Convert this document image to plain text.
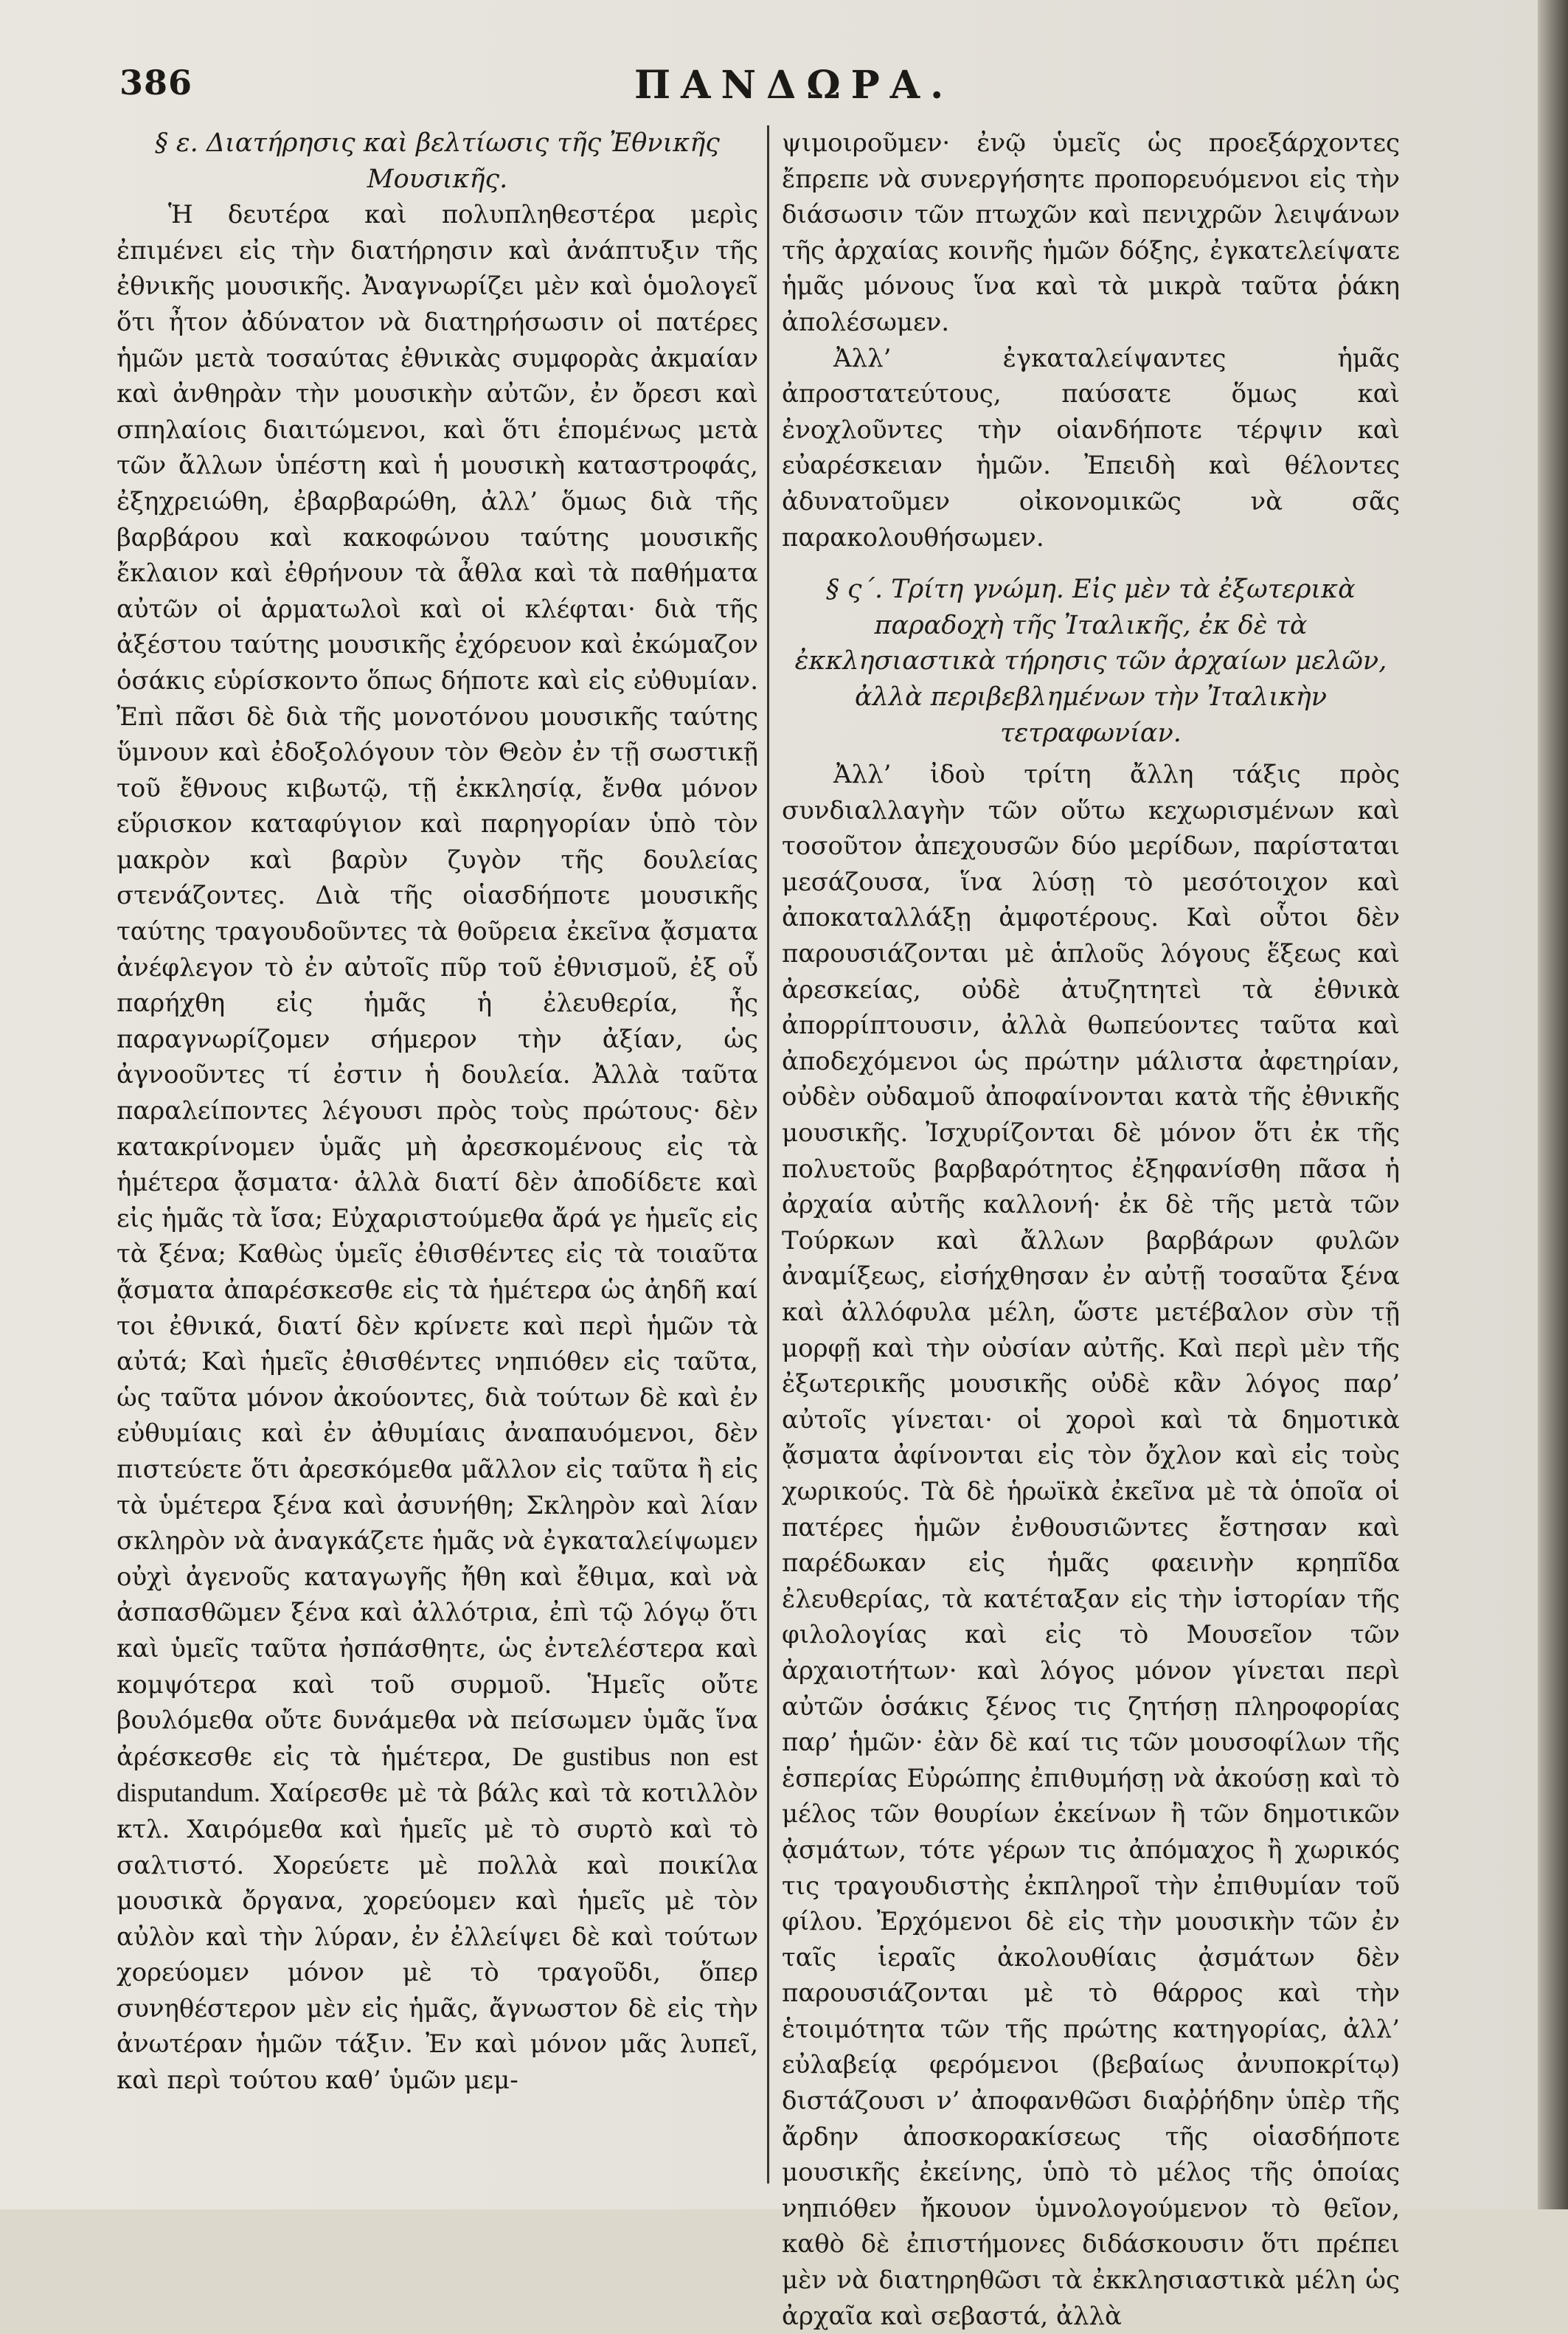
386	ΠΑΝΔΩΡΑ.

§ ε. Διατήρησις καὶ βελτίωσις τῆς Ἐθνικῆς Μουσικῆς.

Ἡ δευτέρα καὶ πολυπληθεστέρα μερὶς ἐπιμένει εἰς τὴν διατήρησιν καὶ ἀνάπτυξιν τῆς ἐθνικῆς μουσικῆς. Ἀναγνωρίζει μὲν καὶ ὁμολογεῖ ὅτι ἦτον ἀδύνατον νὰ διατηρήσωσιν οἱ πατέρες ἡμῶν μετὰ τοσαύτας ἐθνικὰς συμφορὰς ἀκμαίαν καὶ ἀνθηρὰν τὴν μουσικὴν αὐτῶν, ἐν ὄρεσι καὶ σπηλαίοις διαιτώμενοι, καὶ ὅτι ἑπομένως μετὰ τῶν ἄλλων ὑπέστη καὶ ἡ μουσικὴ καταστροφάς, ἐξηχρειώθη, ἐβαρβαρώθη, ἀλλ’ ὅμως διὰ τῆς βαρβάρου καὶ κακοφώνου ταύτης μουσικῆς ἔκλαιον καὶ ἐθρήνουν τὰ ἆθλα καὶ τὰ παθήματα αὐτῶν οἱ ἁρματωλοὶ καὶ οἱ κλέφται· διὰ τῆς ἀξέστου ταύτης μουσικῆς ἐχόρευον καὶ ἐκώμαζον ὁσάκις εὑρίσκοντο ὅπως δήποτε καὶ εἰς εὐθυμίαν. Ἐπὶ πᾶσι δὲ διὰ τῆς μονοτόνου μουσικῆς ταύτης ὕμνουν καὶ ἐδοξολόγουν τὸν Θεὸν ἐν τῇ σωστικῇ τοῦ ἔθνους κιβωτῷ, τῇ ἐκκλησίᾳ, ἔνθα μόνον εὕρισκον καταφύγιον καὶ παρηγορίαν ὑπὸ τὸν μακρὸν καὶ βαρὺν ζυγὸν τῆς δουλείας στενάζοντες. Διὰ τῆς οἱασδήποτε μουσικῆς ταύτης τραγουδοῦντες τὰ θοῦρεια ἐκεῖνα ᾄσματα ἀνέφλεγον τὸ ἐν αὐτοῖς πῦρ τοῦ ἐθνισμοῦ, ἐξ οὗ παρήχθη εἰς ἡμᾶς ἡ ἐλευθερία, ἧς παραγνωρίζομεν σήμερον τὴν ἀξίαν, ὡς ἀγνοοῦντες τί ἐστιν ἡ δουλεία. Ἀλλὰ ταῦτα παραλείποντες λέγουσι πρὸς τοὺς πρώτους· δὲν κατακρίνομεν ὑμᾶς μὴ ἀρεσκομένους εἰς τὰ ἡμέτερα ᾄσματα· ἀλλὰ διατί δὲν ἀποδίδετε καὶ εἰς ἡμᾶς τὰ ἴσα; Εὐχαριστούμεθα ἄρά γε ἡμεῖς εἰς τὰ ξένα; Καθὼς ὑμεῖς ἐθισθέντες εἰς τὰ τοιαῦτα ᾄσματα ἀπαρέσκεσθε εἰς τὰ ἡμέτερα ὡς ἀηδῆ καί τοι ἐθνικά, διατί δὲν κρίνετε καὶ περὶ ἡμῶν τὰ αὐτά; Καὶ ἡμεῖς ἐθισθέντες νηπιόθεν εἰς ταῦτα, ὡς ταῦτα μόνον ἀκούοντες, διὰ τούτων δὲ καὶ ἐν εὐθυμίαις καὶ ἐν ἀθυμίαις ἀναπαυόμενοι, δὲν πιστεύετε ὅτι ἀρεσκόμεθα μᾶλλον εἰς ταῦτα ἢ εἰς τὰ ὑμέτερα ξένα καὶ ἀσυνήθη; Σκληρὸν καὶ λίαν σκληρὸν νὰ ἀναγκάζετε ἡμᾶς νὰ ἐγκαταλείψωμεν οὐχὶ ἀγενοῦς καταγωγῆς ἤθη καὶ ἔθιμα, καὶ νὰ ἀσπασθῶμεν ξένα καὶ ἀλλότρια, ἐπὶ τῷ λόγῳ ὅτι καὶ ὑμεῖς ταῦτα ἠσπάσθητε, ὡς ἐντελέστερα καὶ κομψότερα καὶ τοῦ συρμοῦ. Ἡμεῖς οὔτε βουλόμεθα οὔτε δυνάμεθα νὰ πείσωμεν ὑμᾶς ἵνα ἀρέσκεσθε εἰς τὰ ἡμέτερα, De gustibus non est disputandum. Χαίρεσθε μὲ τὰ βάλς καὶ τὰ κοτιλλὸν κτλ. Χαιρόμεθα καὶ ἡμεῖς μὲ τὸ συρτὸ καὶ τὸ σαλτιστό. Χορεύετε μὲ πολλὰ καὶ ποικίλα μουσικὰ ὄργανα, χορεύομεν καὶ ἡμεῖς μὲ τὸν αὐλὸν καὶ τὴν λύραν, ἐν ἐλλείψει δὲ καὶ τούτων χορεύομεν μόνον μὲ τὸ τραγοῦδι, ὅπερ συνηθέστερον μὲν εἰς ἡμᾶς, ἄγνωστον δὲ εἰς τὴν ἀνωτέραν ἡμῶν τάξιν. Ἐν καὶ μόνον μᾶς λυπεῖ, καὶ περὶ τούτου καθ’ ὑμῶν μεμ-

ψιμοιροῦμεν· ἐνῷ ὑμεῖς ὡς προεξάρχοντες ἔπρεπε νὰ συνεργήσητε προπορευόμενοι εἰς τὴν διάσωσιν τῶν πτωχῶν καὶ πενιχρῶν λειψάνων τῆς ἀρχαίας κοινῆς ἡμῶν δόξης, ἐγκατελείψατε ἡμᾶς μόνους ἵνα καὶ τὰ μικρὰ ταῦτα ῥάκη ἀπολέσωμεν.

Ἀλλ’ ἐγκαταλείψαντες ἡμᾶς ἀπροστατεύτους, παύσατε ὅμως καὶ ἐνοχλοῦντες τὴν οἱανδήποτε τέρψιν καὶ εὐαρέσκειαν ἡμῶν. Ἐπειδὴ καὶ θέλοντες ἀδυνατοῦμεν οἰκονομικῶς νὰ σᾶς παρακολουθήσωμεν.

§ ς΄. Τρίτη γνώμη. Εἰς μὲν τὰ ἐξωτερικὰ παραδοχὴ τῆς Ἰταλικῆς, ἐκ δὲ τὰ ἐκκλησιαστικὰ τήρησις τῶν ἀρχαίων μελῶν, ἀλλὰ περιβεβλημένων τὴν Ἰταλικὴν τετραφωνίαν.

Ἀλλ’ ἰδοὺ τρίτη ἄλλη τάξις πρὸς συνδιαλλαγὴν τῶν οὕτω κεχωρισμένων καὶ τοσοῦτον ἀπεχουσῶν δύο μερίδων, παρίσταται μεσάζουσα, ἵνα λύσῃ τὸ μεσότοιχον καὶ ἀποκαταλλάξῃ ἀμφοτέρους. Καὶ οὗτοι δὲν παρουσιάζονται μὲ ἁπλοῦς λόγους ἕξεως καὶ ἀρεσκείας, οὐδὲ ἀτυζητητεὶ τὰ ἐθνικὰ ἀπορρίπτουσιν, ἀλλὰ θωπεύοντες ταῦτα καὶ ἀποδεχόμενοι ὡς πρώτην μάλιστα ἀφετηρίαν, οὐδὲν οὐδαμοῦ ἀποφαίνονται κατὰ τῆς ἐθνικῆς μουσικῆς. Ἰσχυρίζονται δὲ μόνον ὅτι ἐκ τῆς πολυετοῦς βαρβαρότητος ἐξηφανίσθη πᾶσα ἡ ἀρχαία αὐτῆς καλλονή· ἐκ δὲ τῆς μετὰ τῶν Τούρκων καὶ ἄλλων βαρβάρων φυλῶν ἀναμίξεως, εἰσήχθησαν ἐν αὐτῇ τοσαῦτα ξένα καὶ ἀλλόφυλα μέλη, ὥστε μετέβαλον σὺν τῇ μορφῇ καὶ τὴν οὐσίαν αὐτῆς. Καὶ περὶ μὲν τῆς ἐξωτερικῆς μουσικῆς οὐδὲ κἂν λόγος παρ’ αὐτοῖς γίνεται· οἱ χοροὶ καὶ τὰ δημοτικὰ ᾄσματα ἀφίνονται εἰς τὸν ὄχλον καὶ εἰς τοὺς χωρικούς. Τὰ δὲ ἡρωϊκὰ ἐκεῖνα μὲ τὰ ὁποῖα οἱ πατέρες ἡμῶν ἐνθουσιῶντες ἔστησαν καὶ παρέδωκαν εἰς ἡμᾶς φαεινὴν κρηπῖδα ἐλευθερίας, τὰ κατέταξαν εἰς τὴν ἱστορίαν τῆς φιλολογίας καὶ εἰς τὸ Μουσεῖον τῶν ἀρχαιοτήτων· καὶ λόγος μόνον γίνεται περὶ αὐτῶν ὁσάκις ξένος τις ζητήσῃ πληροφορίας παρ’ ἡμῶν· ἐὰν δὲ καί τις τῶν μουσοφίλων τῆς ἑσπερίας Εὐρώπης ἐπιθυμήσῃ νὰ ἀκούσῃ καὶ τὸ μέλος τῶν θουρίων ἐκείνων ἢ τῶν δημοτικῶν ᾀσμάτων, τότε γέρων τις ἀπόμαχος ἢ χωρικός τις τραγουδιστὴς ἐκπληροῖ τὴν ἐπιθυμίαν τοῦ φίλου. Ἐρχόμενοι δὲ εἰς τὴν μουσικὴν τῶν ἐν ταῖς ἱεραῖς ἀκολουθίαις ᾀσμάτων δὲν παρουσιάζονται μὲ τὸ θάρρος καὶ τὴν ἑτοιμότητα τῶν τῆς πρώτης κατηγορίας, ἀλλ’ εὐλαβείᾳ φερόμενοι (βεβαίως ἀνυποκρίτῳ) διστάζουσι ν’ ἀποφανθῶσι διαῤῥήδην ὑπὲρ τῆς ἄρδην ἀποσκορακίσεως τῆς οἱασδήποτε μουσικῆς ἐκείνης, ὑπὸ τὸ μέλος τῆς ὁποίας νηπιόθεν ἤκουον ὑμνολογούμενον τὸ θεῖον, καθὸ δὲ ἐπιστήμονες διδάσκουσιν ὅτι πρέπει μὲν νὰ διατηρηθῶσι τὰ ἐκκλησιαστικὰ μέλη ὡς ἀρχαῖα καὶ σεβαστά, ἀλλὰ
